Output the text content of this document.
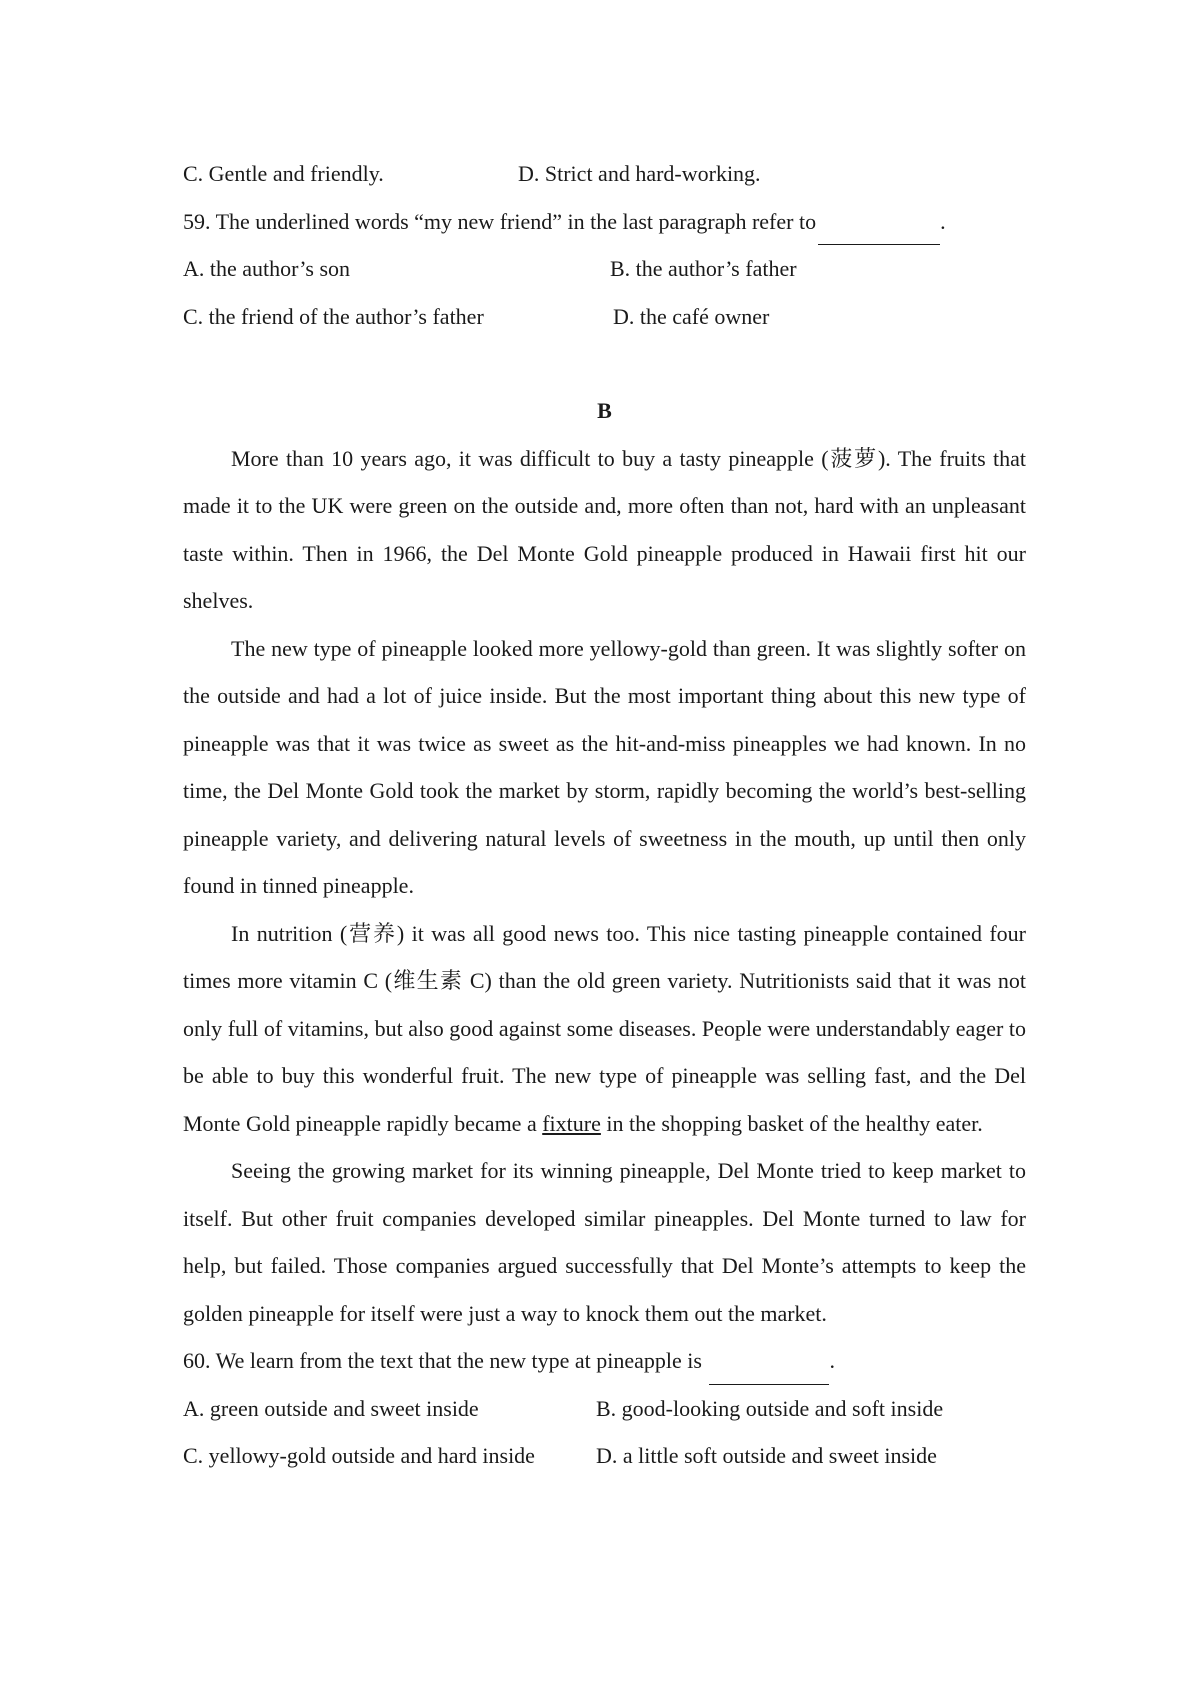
C. Gentle and friendly.	D. Strict and hard-working.
59. The underlined words “my new friend” in the last paragraph refer to	.
A. the author’s son	B. the author’s father
C. the friend of the author’s father	D. the café owner
B

More than 10 years ago, it was difficult to buy a tasty pineapple (菠萝). The fruits that made it to the UK were green on the outside and, more often than not, hard with an unpleasant taste within. Then in 1966, the Del Monte Gold pineapple produced in Hawaii first hit our shelves.

The new type of pineapple looked more yellowy-gold than green. It was slightly softer on the outside and had a lot of juice inside. But the most important thing about this new type of pineapple was that it was twice as sweet as the hit-and-miss pineapples we had known. In no time, the Del Monte Gold took the market by storm, rapidly becoming the world’s best-selling pineapple variety, and delivering natural levels of sweetness in the mouth, up until then only found in tinned pineapple.

In nutrition (营养) it was all good news too. This nice tasting pineapple contained four times more vitamin C (维生素 C) than the old green variety. Nutritionists said that it was not only full of vitamins, but also good against some diseases. People were understandably eager to be able to buy this wonderful fruit. The new type of pineapple was selling fast, and the Del Monte Gold pineapple rapidly became a fixture in the shopping basket of the healthy eater.

Seeing the growing market for its winning pineapple, Del Monte tried to keep market to itself. But other fruit companies developed similar pineapples. Del Monte turned to law for help, but failed. Those companies argued successfully that Del Monte’s attempts to keep the golden pineapple for itself were just a way to knock them out the market.

60. We learn from the text that the new type at pineapple is	.
A. green outside and sweet inside	B. good-looking outside and soft inside
C. yellowy-gold outside and hard inside	D. a little soft outside and sweet inside
